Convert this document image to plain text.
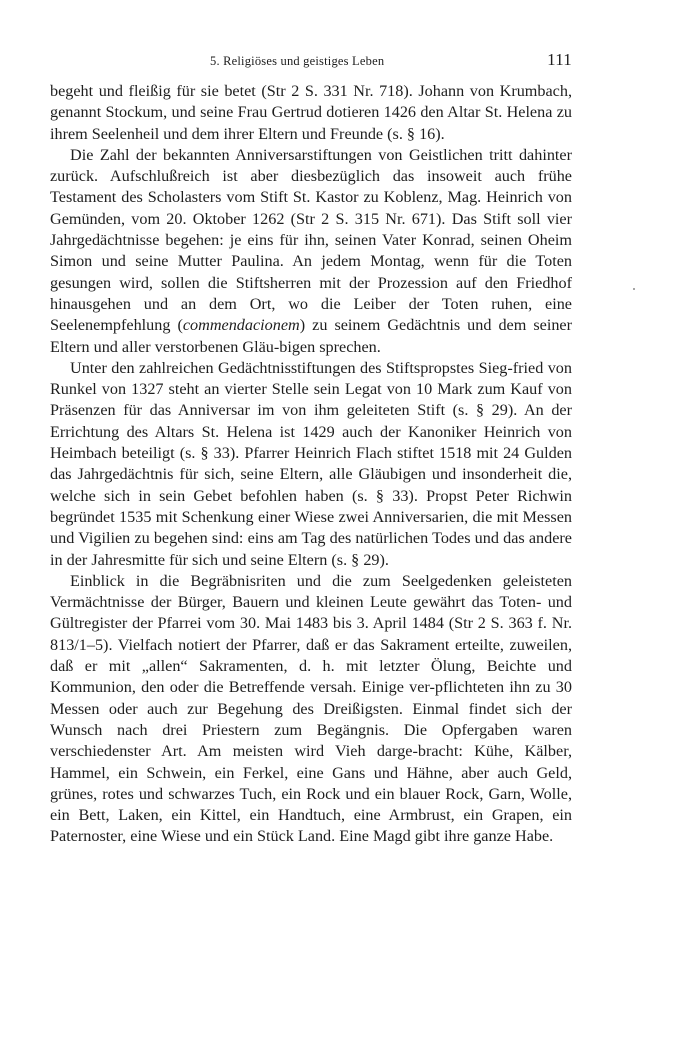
5. Religiöses und geistiges Leben	111

begeht und fleißig für sie betet (Str 2 S. 331 Nr. 718). Johann von Krumbach, genannt Stockum, und seine Frau Gertrud dotieren 1426 den Altar St. Helena zu ihrem Seelenheil und dem ihrer Eltern und Freunde (s. § 16).

Die Zahl der bekannten Anniversarstiftungen von Geistlichen tritt dahinter zurück. Aufschlußreich ist aber diesbezüglich das insoweit auch frühe Testament des Scholasters vom Stift St. Kastor zu Koblenz, Mag. Heinrich von Gemünden, vom 20. Oktober 1262 (Str 2 S. 315 Nr. 671). Das Stift soll vier Jahrgedächtnisse begehen: je eins für ihn, seinen Vater Konrad, seinen Oheim Simon und seine Mutter Paulina. An jedem Montag, wenn für die Toten gesungen wird, sollen die Stiftsherren mit der Prozession auf den Friedhof hinausgehen und an dem Ort, wo die Leiber der Toten ruhen, eine Seelenempfehlung (commendacionem) zu seinem Gedächtnis und dem seiner Eltern und aller verstorbenen Gläu-bigen sprechen.

Unter den zahlreichen Gedächtnisstiftungen des Stiftspropstes Sieg-fried von Runkel von 1327 steht an vierter Stelle sein Legat von 10 Mark zum Kauf von Präsenzen für das Anniversar im von ihm geleiteten Stift (s. § 29). An der Errichtung des Altars St. Helena ist 1429 auch der Kanoniker Heinrich von Heimbach beteiligt (s. § 33). Pfarrer Heinrich Flach stiftet 1518 mit 24 Gulden das Jahrgedächtnis für sich, seine Eltern, alle Gläubigen und insonderheit die, welche sich in sein Gebet befohlen haben (s. § 33). Propst Peter Richwin begründet 1535 mit Schenkung einer Wiese zwei Anniversarien, die mit Messen und Vigilien zu begehen sind: eins am Tag des natürlichen Todes und das andere in der Jahresmitte für sich und seine Eltern (s. § 29).

Einblick in die Begräbnisriten und die zum Seelgedenken geleisteten Vermächtnisse der Bürger, Bauern und kleinen Leute gewährt das Toten- und Gültregister der Pfarrei vom 30. Mai 1483 bis 3. April 1484 (Str 2 S. 363 f. Nr. 813/1–5). Vielfach notiert der Pfarrer, daß er das Sakrament erteilte, zuweilen, daß er mit „allen“ Sakramenten, d. h. mit letzter Ölung, Beichte und Kommunion, den oder die Betreffende versah. Einige ver-pflichteten ihn zu 30 Messen oder auch zur Begehung des Dreißigsten. Einmal findet sich der Wunsch nach drei Priestern zum Begängnis. Die Opfergaben waren verschiedenster Art. Am meisten wird Vieh darge-bracht: Kühe, Kälber, Hammel, ein Schwein, ein Ferkel, eine Gans und Hähne, aber auch Geld, grünes, rotes und schwarzes Tuch, ein Rock und ein blauer Rock, Garn, Wolle, ein Bett, Laken, ein Kittel, ein Handtuch, eine Armbrust, ein Grapen, ein Paternoster, eine Wiese und ein Stück Land. Eine Magd gibt ihre ganze Habe.
